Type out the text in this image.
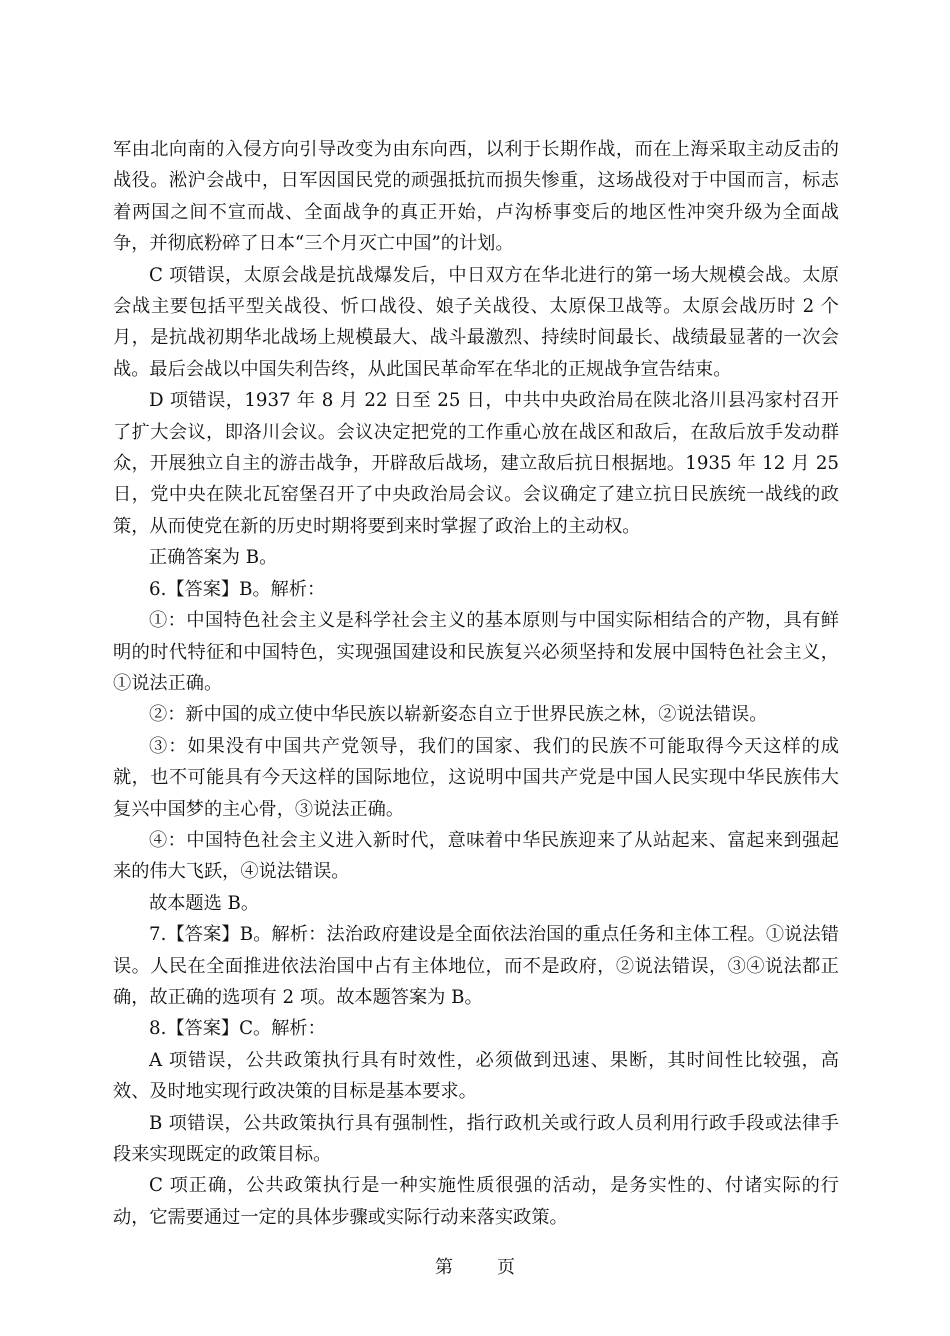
军由北向南的入侵方向引导改变为由东向西，以利于长期作战，而在上海采取主动反击的战役。淞沪会战中，日军因国民党的顽强抵抗而损失惨重，这场战役对于中国而言，标志着两国之间不宣而战、全面战争的真正开始，卢沟桥事变后的地区性冲突升级为全面战争，并彻底粉碎了日本“三个月灭亡中国”的计划。

C 项错误，太原会战是抗战爆发后，中日双方在华北进行的第一场大规模会战。太原会战主要包括平型关战役、忻口战役、娘子关战役、太原保卫战等。太原会战历时 2 个月，是抗战初期华北战场上规模最大、战斗最激烈、持续时间最长、战绩最显著的一次会战。最后会战以中国失利告终，从此国民革命军在华北的正规战争宣告结束。

D 项错误，1937 年 8 月 22 日至 25 日，中共中央政治局在陕北洛川县冯家村召开了扩大会议，即洛川会议。会议决定把党的工作重心放在战区和敌后，在敌后放手发动群众，开展独立自主的游击战争，开辟敌后战场，建立敌后抗日根据地。1935 年 12 月 25 日，党中央在陕北瓦窑堡召开了中央政治局会议。会议确定了建立抗日民族统一战线的政策，从而使党在新的历史时期将要到来时掌握了政治上的主动权。

正确答案为 B。

6.【答案】B。解析：

①：中国特色社会主义是科学社会主义的基本原则与中国实际相结合的产物，具有鲜明的时代特征和中国特色，实现强国建设和民族复兴必须坚持和发展中国特色社会主义，①说法正确。

②：新中国的成立使中华民族以崭新姿态自立于世界民族之林，②说法错误。

③：如果没有中国共产党领导，我们的国家、我们的民族不可能取得今天这样的成就，也不可能具有今天这样的国际地位，这说明中国共产党是中国人民实现中华民族伟大复兴中国梦的主心骨，③说法正确。

④：中国特色社会主义进入新时代，意味着中华民族迎来了从站起来、富起来到强起来的伟大飞跃，④说法错误。

故本题选 B。

7.【答案】B。解析：法治政府建设是全面依法治国的重点任务和主体工程。①说法错误。人民在全面推进依法治国中占有主体地位，而不是政府，②说法错误，③④说法都正确，故正确的选项有 2 项。故本题答案为 B。

8.【答案】C。解析：

A 项错误，公共政策执行具有时效性，必须做到迅速、果断，其时间性比较强，高效、及时地实现行政决策的目标是基本要求。

B 项错误，公共政策执行具有强制性，指行政机关或行政人员利用行政手段或法律手段来实现既定的政策目标。

C 项正确，公共政策执行是一种实施性质很强的活动，是务实性的、付诸实际的行动，它需要通过一定的具体步骤或实际行动来落实政策。

第 页
